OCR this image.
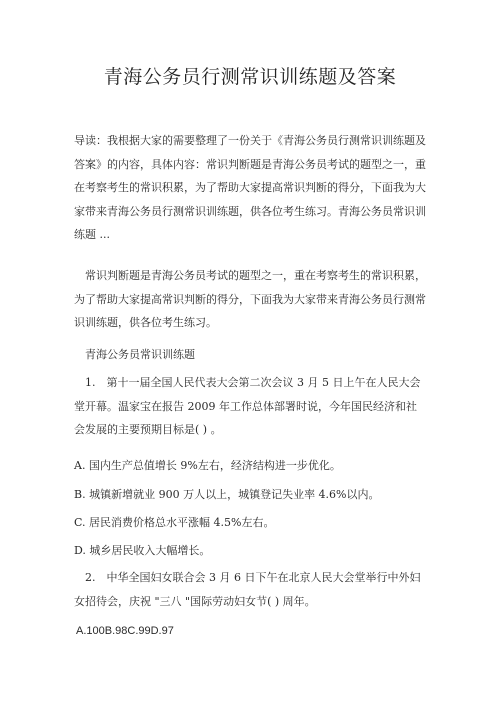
青海公务员行测常识训练题及答案

导读：我根据大家的需要整理了一份关于《青海公务员行测常识训练题及答案》的内容，具体内容：常识判断题是青海公务员考试的题型之一，重在考察考生的常识积累，为了帮助大家提高常识判断的得分，下面我为大家带来青海公务员行测常识训练题，供各位考生练习。青海公务员常识训练题 ...

常识判断题是青海公务员考试的题型之一，重在考察考生的常识积累，为了帮助大家提高常识判断的得分，下面我为大家带来青海公务员行测常识训练题，供各位考生练习。

青海公务员常识训练题

1.　第十一届全国人民代表大会第二次会议 3 月 5 日上午在人民大会堂开幕。温家宝在报告 2009 年工作总体部署时说，今年国民经济和社会发展的主要预期目标是( ) 。

A. 国内生产总值增长 9%左右，经济结构进一步优化。
B. 城镇新增就业 900 万人以上，城镇登记失业率 4.6%以内。
C. 居民消费价格总水平涨幅 4.5%左右。
D. 城乡居民收入大幅增长。

2.　中华全国妇女联合会 3 月 6 日下午在北京人民大会堂举行中外妇女招待会，庆祝 "三八 "国际劳动妇女节( ) 周年。

A.100B.98C.99D.97
